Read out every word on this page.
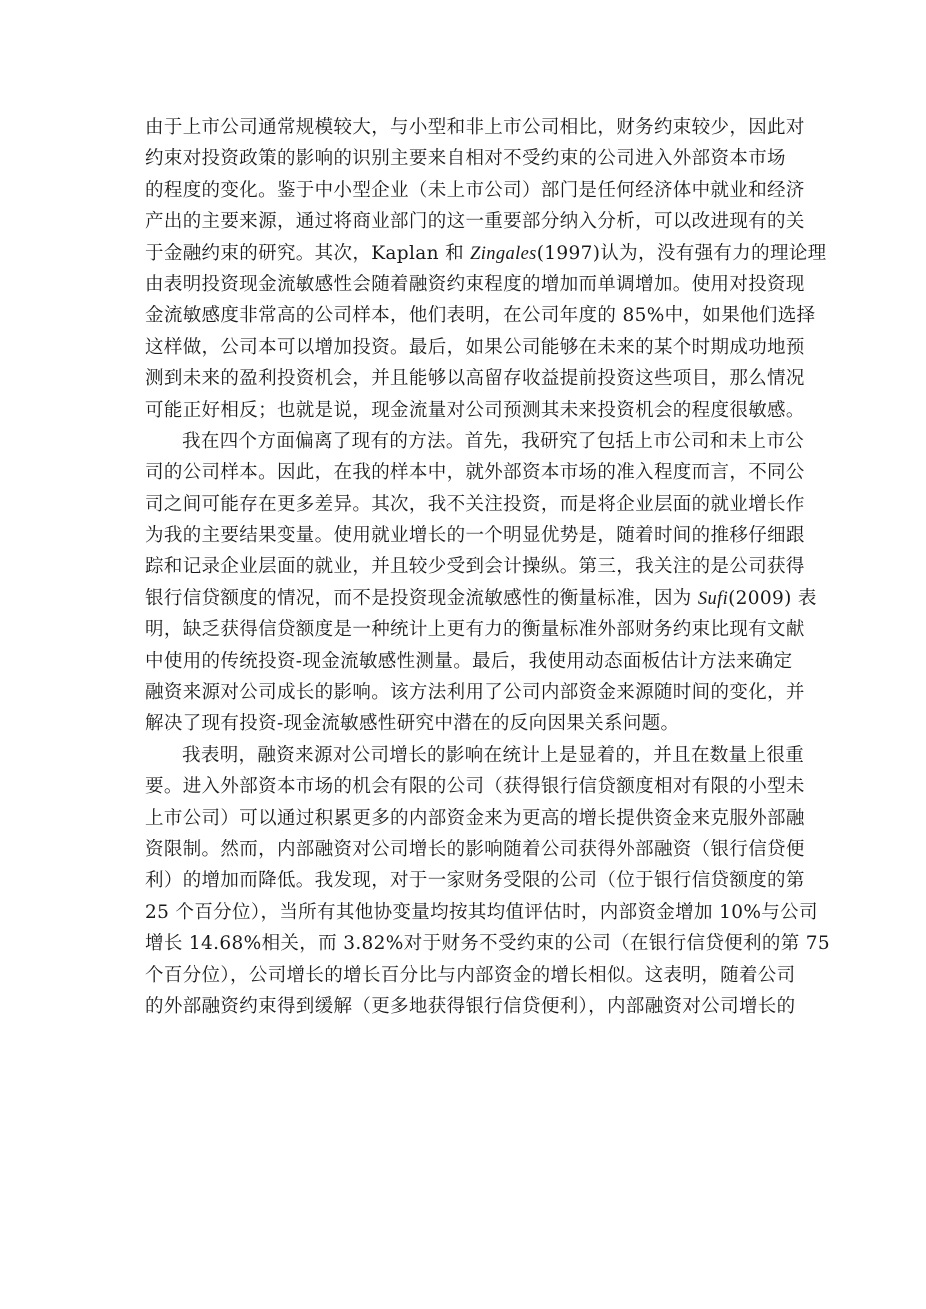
由于上市公司通常规模较大，与小型和非上市公司相比，财务约束较少，因此对
约束对投资政策的影响的识别主要来自相对不受约束的公司进入外部资本市场
的程度的变化。鉴于中小型企业（未上市公司）部门是任何经济体中就业和经济
产出的主要来源，通过将商业部门的这一重要部分纳入分析，可以改进现有的关
于金融约束的研究。其次，Kaplan 和 Zingales(1997)认为，没有强有力的理论理
由表明投资现金流敏感性会随着融资约束程度的增加而单调增加。使用对投资现
金流敏感度非常高的公司样本，他们表明，在公司年度的 85%中，如果他们选择
这样做，公司本可以增加投资。最后，如果公司能够在未来的某个时期成功地预
测到未来的盈利投资机会，并且能够以高留存收益提前投资这些项目，那么情况
可能正好相反；也就是说，现金流量对公司预测其未来投资机会的程度很敏感。
我在四个方面偏离了现有的方法。首先，我研究了包括上市公司和未上市公
司的公司样本。因此，在我的样本中，就外部资本市场的准入程度而言，不同公
司之间可能存在更多差异。其次，我不关注投资，而是将企业层面的就业增长作
为我的主要结果变量。使用就业增长的一个明显优势是，随着时间的推移仔细跟
踪和记录企业层面的就业，并且较少受到会计操纵。第三，我关注的是公司获得
银行信贷额度的情况，而不是投资现金流敏感性的衡量标准，因为 Sufi(2009) 表
明，缺乏获得信贷额度是一种统计上更有力的衡量标准外部财务约束比现有文献
中使用的传统投资-现金流敏感性测量。最后，我使用动态面板估计方法来确定
融资来源对公司成长的影响。该方法利用了公司内部资金来源随时间的变化，并
解决了现有投资-现金流敏感性研究中潜在的反向因果关系问题。
我表明，融资来源对公司增长的影响在统计上是显着的，并且在数量上很重
要。进入外部资本市场的机会有限的公司（获得银行信贷额度相对有限的小型未
上市公司）可以通过积累更多的内部资金来为更高的增长提供资金来克服外部融
资限制。然而，内部融资对公司增长的影响随着公司获得外部融资（银行信贷便
利）的增加而降低。我发现，对于一家财务受限的公司（位于银行信贷额度的第
25 个百分位），当所有其他协变量均按其均值评估时，内部资金增加 10%与公司
增长 14.68%相关，而 3.82%对于财务不受约束的公司（在银行信贷便利的第 75
个百分位），公司增长的增长百分比与内部资金的增长相似。这表明，随着公司
的外部融资约束得到缓解（更多地获得银行信贷便利），内部融资对公司增长的
